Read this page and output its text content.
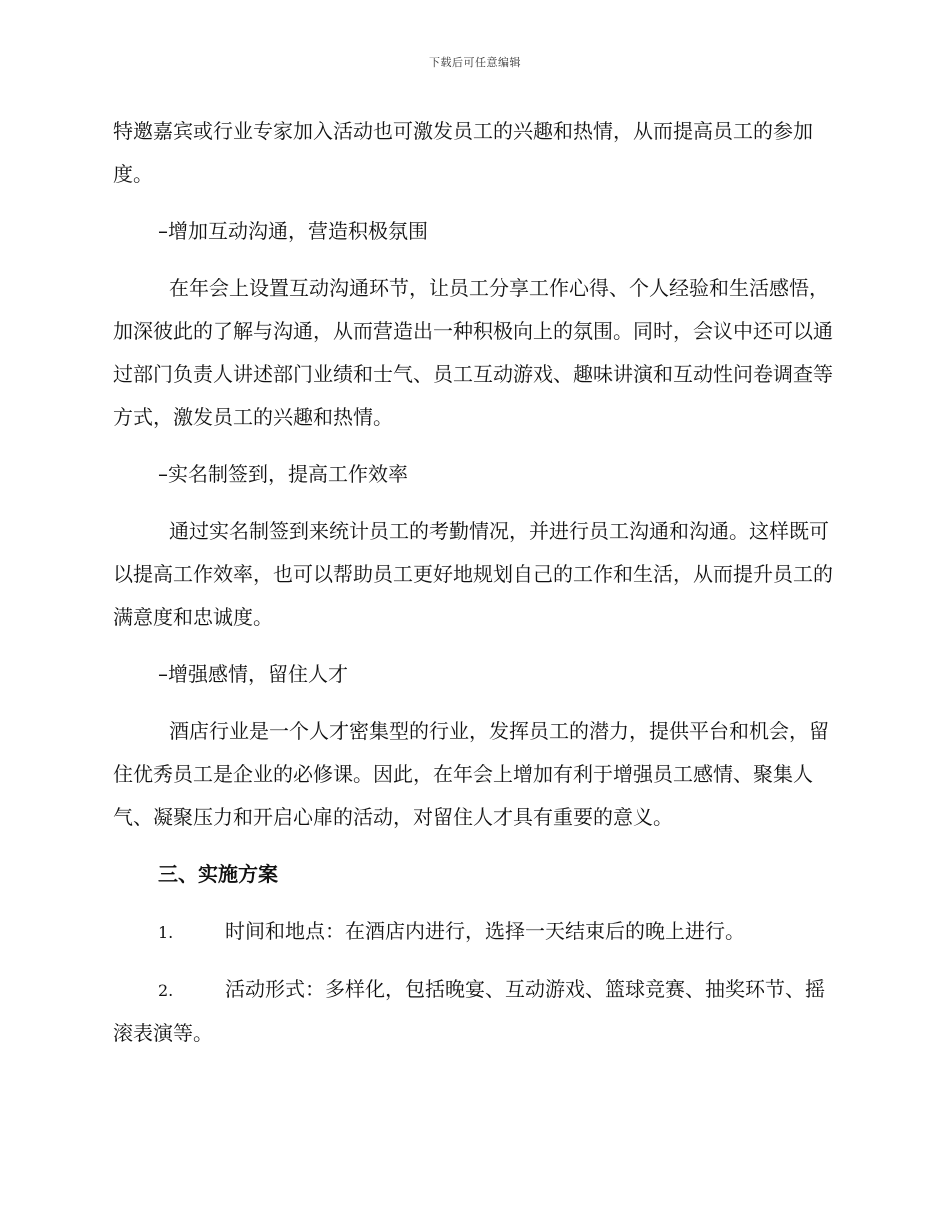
下载后可任意编辑

特邀嘉宾或行业专家加入活动也可激发员工的兴趣和热情，从而提高员工的参加度。

–增加互动沟通，营造积极氛围

在年会上设置互动沟通环节，让员工分享工作心得、个人经验和生活感悟，加深彼此的了解与沟通，从而营造出一种积极向上的氛围。同时，会议中还可以通过部门负责人讲述部门业绩和士气、员工互动游戏、趣味讲演和互动性问卷调查等方式，激发员工的兴趣和热情。

–实名制签到，提高工作效率

通过实名制签到来统计员工的考勤情况，并进行员工沟通和沟通。这样既可以提高工作效率，也可以帮助员工更好地规划自己的工作和生活，从而提升员工的满意度和忠诚度。

–增强感情，留住人才

酒店行业是一个人才密集型的行业，发挥员工的潜力，提供平台和机会，留住优秀员工是企业的必修课。因此，在年会上增加有利于增强员工感情、聚集人气、凝聚压力和开启心扉的活动，对留住人才具有重要的意义。

三、实施方案

1.	时间和地点：在酒店内进行，选择一天结束后的晚上进行。

2.	活动形式：多样化，包括晚宴、互动游戏、篮球竞赛、抽奖环节、摇滚表演等。
